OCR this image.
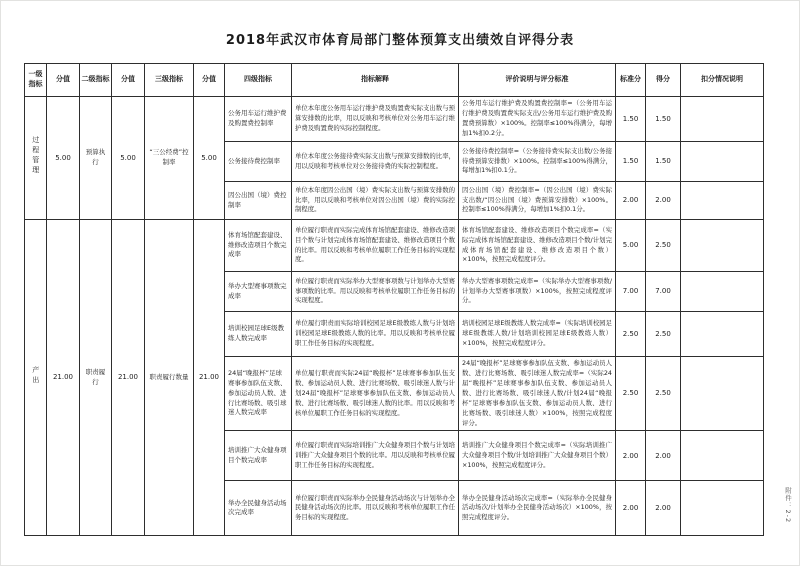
2018年武汉市体育局部门整体预算支出绩效自评得分表
一级指标	分值	二级指标	分值	三级指标	分值	四级指标	指标解释	评价说明与评分标准	标准分	得分	扣分情况说明
过程管理	5.00	预算执行	5.00	“三公经费”控制率	5.00	公务用车运行维护费及购置费控制率	单位本年度公务用车运行维护费及购置费实际支出数与预算安排数的比率，用以反映和考核单位对公务用车运行维护费及购置费的实际控制程度。	公务用车运行维护费及购置费控制率=（公务用车运行维护费及购置费实际支出/公务用车运行维护费及购置费预算数）×100%。控制率≤100%得满分，每增加1%扣0.2分。	1.50	1.50	
						公务接待费控制率	单位本年度公务接待费实际支出数与预算安排数的比率，用以反映和考核单位对公务接待费的实际控制程度。	公务接待费控制率=（公务接待费实际支出数/公务接待费预算安排数）×100%。控制率≤100%得满分，每增加1%扣0.1分。	1.50	1.50	
						因公出国（境）费控制率	单位本年度因公出国（境）费实际支出数与预算安排数的比率，用以反映和考核单位对因公出国（境）费的实际控制程度。	因公出国（境）费控制率=（因公出国（境）费实际支出数/“因公出国（境）费预算安排数）×100%。控制率≤100%得满分，每增加1%扣0.1分。	2.00	2.00	
产出	21.00	职责履行	21.00	职责履行数量	21.00	体育场馆配套建设、维修改造项目个数完成率	单位履行职责而实际完成体育场馆配套建设、维修改造项目个数与计划完成体育场馆配套建设、维修改造项目个数的比率。用以反映和考核单位履职工作任务目标的实现程度。	体育场馆配套建设、维修改造项目个数完成率=（实际完成体育场馆配套建设、维修改造项目个数/计划完成体育场馆配套建设、维修改造项目个数）×100%，按照完成程度评分。	5.00	2.50	
						举办大型赛事项数完成率	单位履行职责而实际举办大型赛事项数与计划举办大型赛事项数的比率。用以反映和考核单位履职工作任务目标的实现程度。	举办大型赛事项数完成率=（实际举办大型赛事项数/计划举办大型赛事项数）×100%，按照完成程度评分。	7.00	7.00	
						培训校园足球E级教练人数完成率	单位履行职责而实际培训校园足球E级教练人数与计划培训校园足球E级教练人数的比率。用以反映和考核单位履职工作任务目标的实现程度。	培训校园足球E级教练人数完成率=（实际培训校园足球E级教练人数/计划培训校园足球E级教练人数）×100%，按照完成程度评分。	2.50	2.50	
						24届“晚报杯”足球赛事参加队伍支数、参加运动员人数、进行比赛场数、吸引球迷人数完成率	单位履行职责而实际24届“晚报杯”足球赛事参加队伍支数、参加运动员人数、进行比赛场数、吸引球迷人数与计划24届“晚报杯”足球赛事参加队伍支数、参加运动员人数、进行比赛场数、吸引球迷人数的比率。用以反映和考核单位履职工作任务目标的实现程度。	24届“晚报杯”足球赛事参加队伍支数、参加运动员人数、进行比赛场数、吸引球迷人数完成率=（实际24届“晚报杯”足球赛事参加队伍支数、参加运动员人数、进行比赛场数、吸引球迷人数/计划24届“晚报杯”足球赛事参加队伍支数、参加运动员人数、进行比赛场数、吸引球迷人数）×100%，按照完成程度评分。	2.50	2.50	
						培训推广大众健身项目个数完成率	单位履行职责而实际培训推广大众健身项目个数与计划培训推广大众健身项目个数的比率。用以反映和考核单位履职工作任务目标的实现程度。	培训推广大众健身项目个数完成率=（实际培训推广大众健身项目个数/计划培训推广大众健身项目个数）×100%，按照完成程度评分。	2.00	2.00	
						举办全民健身活动场次完成率	单位履行职责而实际举办全民健身活动场次与计划举办全民健身活动场次的比率。用以反映和考核单位履职工作任务目标的实现程度。	举办全民健身活动场次完成率=（实际举办全民健身活动场次/计划举办全民健身活动场次）×100%，按照完成程度评分。	2.00	2.00		附件：2-2
